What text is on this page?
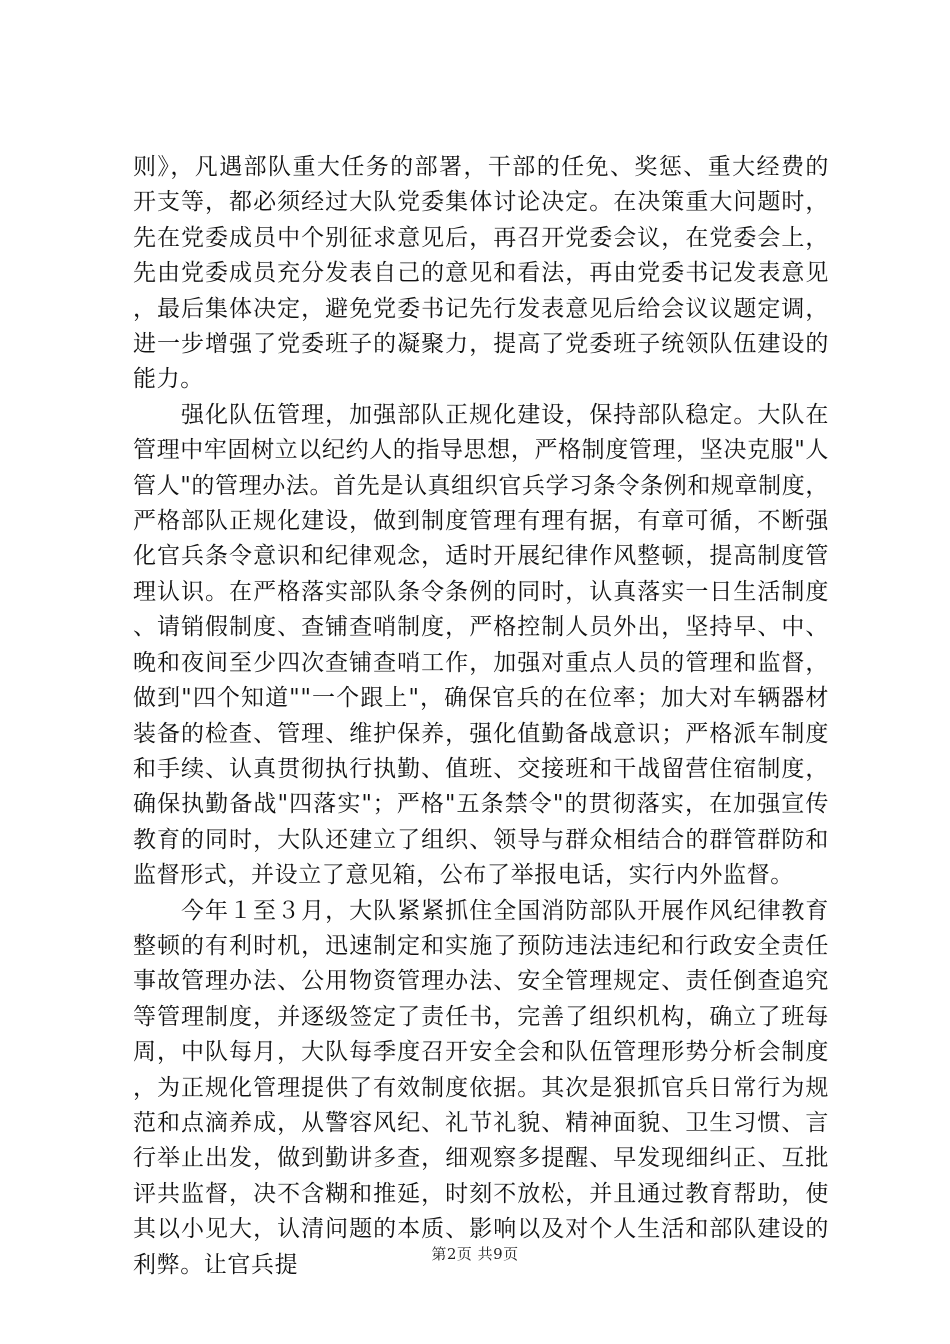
则》，凡遇部队重大任务的部署，干部的任免、奖惩、重大经费的开支等，都必须经过大队党委集体讨论决定。在决策重大问题时，先在党委成员中个别征求意见后，再召开党委会议，在党委会上，先由党委成员充分发表自己的意见和看法，再由党委书记发表意见，最后集体决定，避免党委书记先行发表意见后给会议议题定调，进一步增强了党委班子的凝聚力，提高了党委班子统领队伍建设的能力。

强化队伍管理，加强部队正规化建设，保持部队稳定。大队在管理中牢固树立以纪约人的指导思想，严格制度管理，坚决克服"人管人"的管理办法。首先是认真组织官兵学习条令条例和规章制度，严格部队正规化建设，做到制度管理有理有据，有章可循，不断强化官兵条令意识和纪律观念，适时开展纪律作风整顿，提高制度管理认识。在严格落实部队条令条例的同时，认真落实一日生活制度、请销假制度、查铺查哨制度，严格控制人员外出，坚持早、中、晚和夜间至少四次查铺查哨工作，加强对重点人员的管理和监督，做到"四个知道""一个跟上"，确保官兵的在位率；加大对车辆器材装备的检查、管理、维护保养，强化值勤备战意识；严格派车制度和手续、认真贯彻执行执勤、值班、交接班和干战留营住宿制度，确保执勤备战"四落实"；严格"五条禁令"的贯彻落实，在加强宣传教育的同时，大队还建立了组织、领导与群众相结合的群管群防和监督形式，并设立了意见箱，公布了举报电话，实行内外监督。

今年１至３月，大队紧紧抓住全国消防部队开展作风纪律教育整顿的有利时机，迅速制定和实施了预防违法违纪和行政安全责任事故管理办法、公用物资管理办法、安全管理规定、责任倒查追究等管理制度，并逐级签定了责任书，完善了组织机构，确立了班每周，中队每月，大队每季度召开安全会和队伍管理形势分析会制度，为正规化管理提供了有效制度依据。其次是狠抓官兵日常行为规范和点滴养成，从警容风纪、礼节礼貌、精神面貌、卫生习惯、言行举止出发，做到勤讲多查，细观察多提醒、早发现细纠正、互批评共监督，决不含糊和推延，时刻不放松，并且通过教育帮助，使其以小见大，认清问题的本质、影响以及对个人生活和部队建设的利弊。让官兵提	第2页 共9页
